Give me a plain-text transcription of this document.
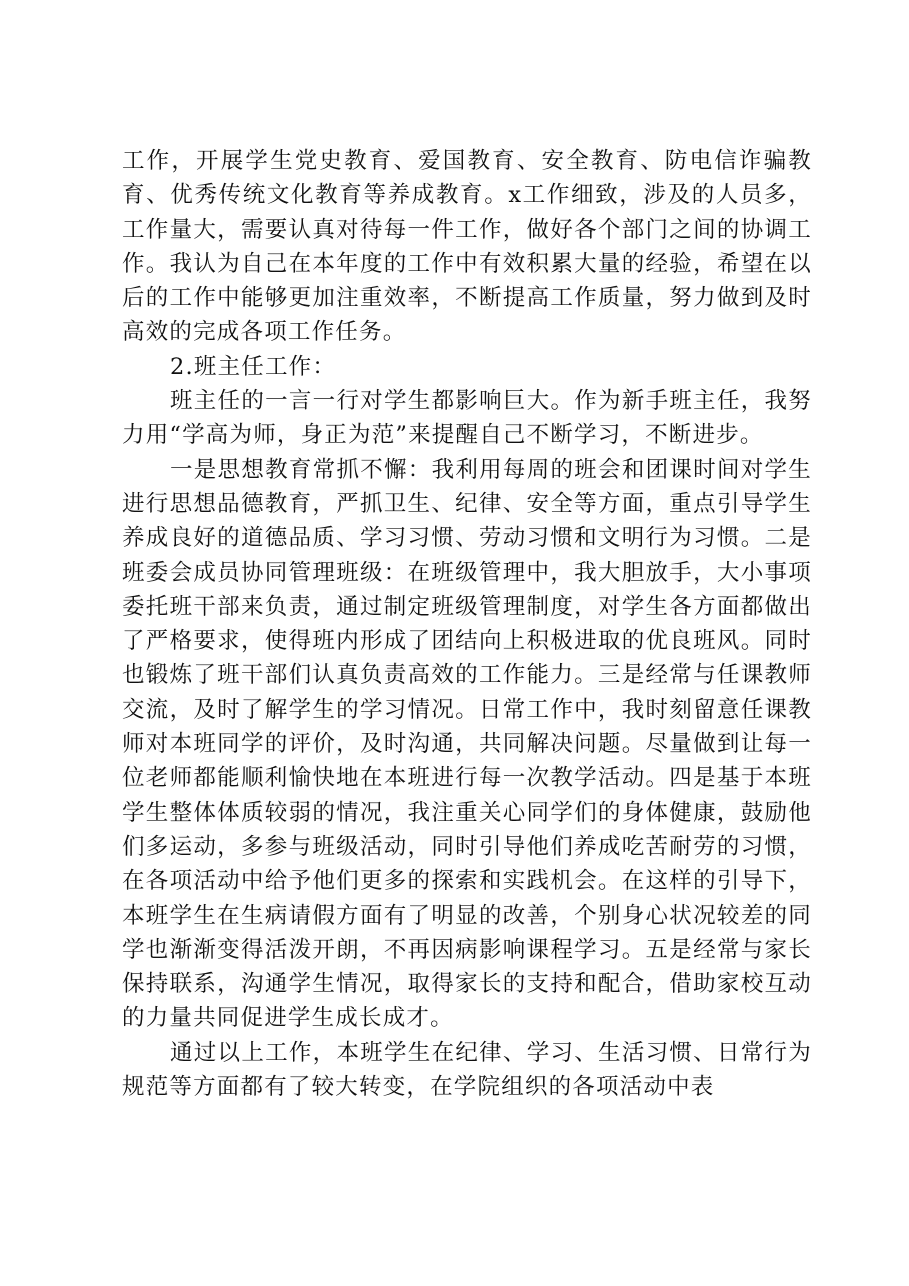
工作，开展学生党史教育、爱国教育、安全教育、防电信诈骗教育、优秀传统文化教育等养成教育。x工作细致，涉及的人员多，工作量大，需要认真对待每一件工作，做好各个部门之间的协调工作。我认为自己在本年度的工作中有效积累大量的经验，希望在以后的工作中能够更加注重效率，不断提高工作质量，努力做到及时高效的完成各项工作任务。

2.班主任工作：

班主任的一言一行对学生都影响巨大。作为新手班主任，我努力用“学高为师，身正为范”来提醒自己不断学习，不断进步。

一是思想教育常抓不懈：我利用每周的班会和团课时间对学生进行思想品德教育，严抓卫生、纪律、安全等方面，重点引导学生养成良好的道德品质、学习习惯、劳动习惯和文明行为习惯。二是班委会成员协同管理班级：在班级管理中，我大胆放手，大小事项委托班干部来负责，通过制定班级管理制度，对学生各方面都做出了严格要求，使得班内形成了团结向上积极进取的优良班风。同时也锻炼了班干部们认真负责高效的工作能力。三是经常与任课教师交流，及时了解学生的学习情况。日常工作中，我时刻留意任课教师对本班同学的评价，及时沟通，共同解决问题。尽量做到让每一位老师都能顺利愉快地在本班进行每一次教学活动。四是基于本班学生整体体质较弱的情况，我注重关心同学们的身体健康，鼓励他们多运动，多参与班级活动，同时引导他们养成吃苦耐劳的习惯，在各项活动中给予他们更多的探索和实践机会。在这样的引导下，本班学生在生病请假方面有了明显的改善，个别身心状况较差的同学也渐渐变得活泼开朗，不再因病影响课程学习。五是经常与家长保持联系，沟通学生情况，取得家长的支持和配合，借助家校互动的力量共同促进学生成长成才。

通过以上工作，本班学生在纪律、学习、生活习惯、日常行为规范等方面都有了较大转变，在学院组织的各项活动中表
